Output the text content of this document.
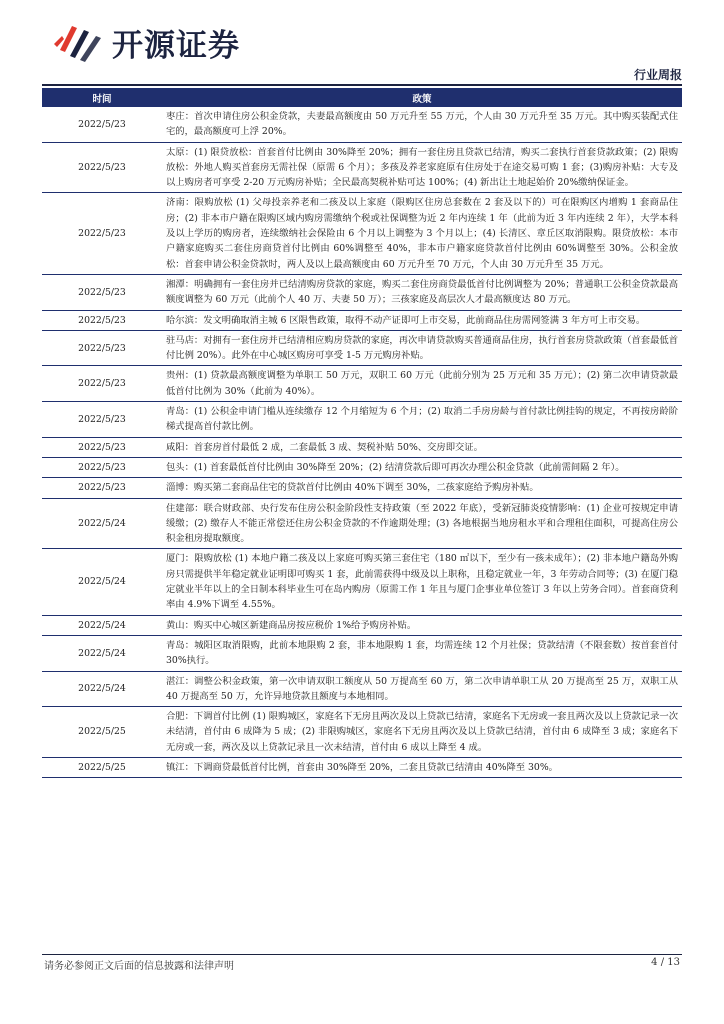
开源证券
行业周报
时间	政策
2022/5/23	枣庄：首次申请住房公积金贷款，夫妻最高额度由 50 万元升至 55 万元，个人由 30 万元升至 35 万元。其中购买装配式住宅的，最高额度可上浮 20%。
2022/5/23	太原：(1) 限贷放松：首套首付比例由 30%降至 20%；拥有一套住房且贷款已结清，购买二套执行首套贷款政策；(2) 限购放松：外地人购买首套房无需社保（原需 6 个月）；多孩及养老家庭原有住房处于在途交易可购 1 套；(3)购房补贴：大专及以上购房者可享受 2-20 万元购房补贴；全民最高契税补贴可达 100%；(4) 新出让土地起始价 20%缴纳保证金。
2022/5/23	济南：限购放松 (1) 父母投亲养老和二孩及以上家庭（限购区住房总套数在 2 套及以下的）可在限购区内增购 1 套商品住房；(2) 非本市户籍在限购区域内购房需缴纳个税或社保调整为近 2 年内连续 1 年（此前为近 3 年内连续 2 年），大学本科及以上学历的购房者，连续缴纳社会保险由 6 个月以上调整为 3 个月以上；(4) 长清区、章丘区取消限购。限贷放松：本市户籍家庭购买二套住房商贷首付比例由 60%调整至 40%，非本市户籍家庭贷款首付比例由 60%调整至 30%。公积金放松：首套申请公积金贷款时，两人及以上最高额度由 60 万元升至 70 万元，个人由 30 万元升至 35 万元。
2022/5/23	湘潭：明确拥有一套住房并已结清购房贷款的家庭，购买二套住房商贷最低首付比例调整为 20%；普通职工公积金贷款最高额度调整为 60 万元（此前个人 40 万、夫妻 50 万）；三孩家庭及高层次人才最高额度达 80 万元。
2022/5/23	哈尔滨：发文明确取消主城 6 区限售政策，取得不动产证即可上市交易，此前商品住房需网签满 3 年方可上市交易。
2022/5/23	驻马店：对拥有一套住房并已结清相应购房贷款的家庭，再次申请贷款购买普通商品住房，执行首套房贷款政策（首套最低首付比例 20%）。此外在中心城区购房可享受 1-5 万元购房补贴。
2022/5/23	贵州：(1) 贷款最高额度调整为单职工 50 万元，双职工 60 万元（此前分别为 25 万元和 35 万元）；(2) 第二次申请贷款最低首付比例为 30%（此前为 40%）。
2022/5/23	青岛：(1) 公积金申请门槛从连续缴存 12 个月缩短为 6 个月；(2) 取消二手房房龄与首付款比例挂钩的规定，不再按房龄阶梯式提高首付款比例。
2022/5/23	咸阳：首套房首付最低 2 成，二套最低 3 成、契税补贴 50%、交房即交证。
2022/5/23	包头：(1) 首套最低首付比例由 30%降至 20%；(2) 结清贷款后即可再次办理公积金贷款（此前需间隔 2 年）。
2022/5/23	淄博：购买第二套商品住宅的贷款首付比例由 40%下调至 30%，二孩家庭给予购房补贴。
2022/5/24	住建部：联合财政部、央行发布住房公积金阶段性支持政策（至 2022 年底），受新冠肺炎疫情影响：(1) 企业可按规定申请缓缴；(2) 缴存人不能正常偿还住房公积金贷款的不作逾期处理；(3) 各地根据当地房租水平和合理租住面积，可提高住房公积金租房提取额度。
2022/5/24	厦门：限购放松 (1) 本地户籍二孩及以上家庭可购买第三套住宅（180 ㎡以下，至少有一孩未成年）；(2) 非本地户籍岛外购房只需提供半年稳定就业证明即可购买 1 套，此前需获得中级及以上职称，且稳定就业一年，3 年劳动合同等；(3) 在厦门稳定就业半年以上的全日制本科毕业生可在岛内购房（原需工作 1 年且与厦门企事业单位签订 3 年以上劳务合同）。首套商贷利率由 4.9%下调至 4.55%。
2022/5/24	黄山：购买中心城区新建商品房按应税价 1%给予购房补贴。
2022/5/24	青岛：城阳区取消限购，此前本地限购 2 套，非本地限购 1 套，均需连续 12 个月社保；贷款结清（不限套数）按首套首付 30%执行。
2022/5/24	湛江：调整公积金政策，第一次申请双职工额度从 50 万提高至 60 万，第二次申请单职工从 20 万提高至 25 万，双职工从 40 万提高至 50 万，允许异地贷款且额度与本地相同。
2022/5/25	合肥：下调首付比例 (1) 限购城区，家庭名下无房且两次及以上贷款已结清，家庭名下无房或一套且两次及以上贷款记录一次未结清，首付由 6 成降为 5 成；(2) 非限购城区，家庭名下无房且两次及以上贷款已结清，首付由 6 成降至 3 成；家庭名下无房或一套，两次及以上贷款记录且一次未结清，首付由 6 成以上降至 4 成。
2022/5/25	镇江：下调商贷最低首付比例，首套由 30%降至 20%，二套且贷款已结清由 40%降至 30%。
请务必参阅正文后面的信息披露和法律声明	4 / 13
